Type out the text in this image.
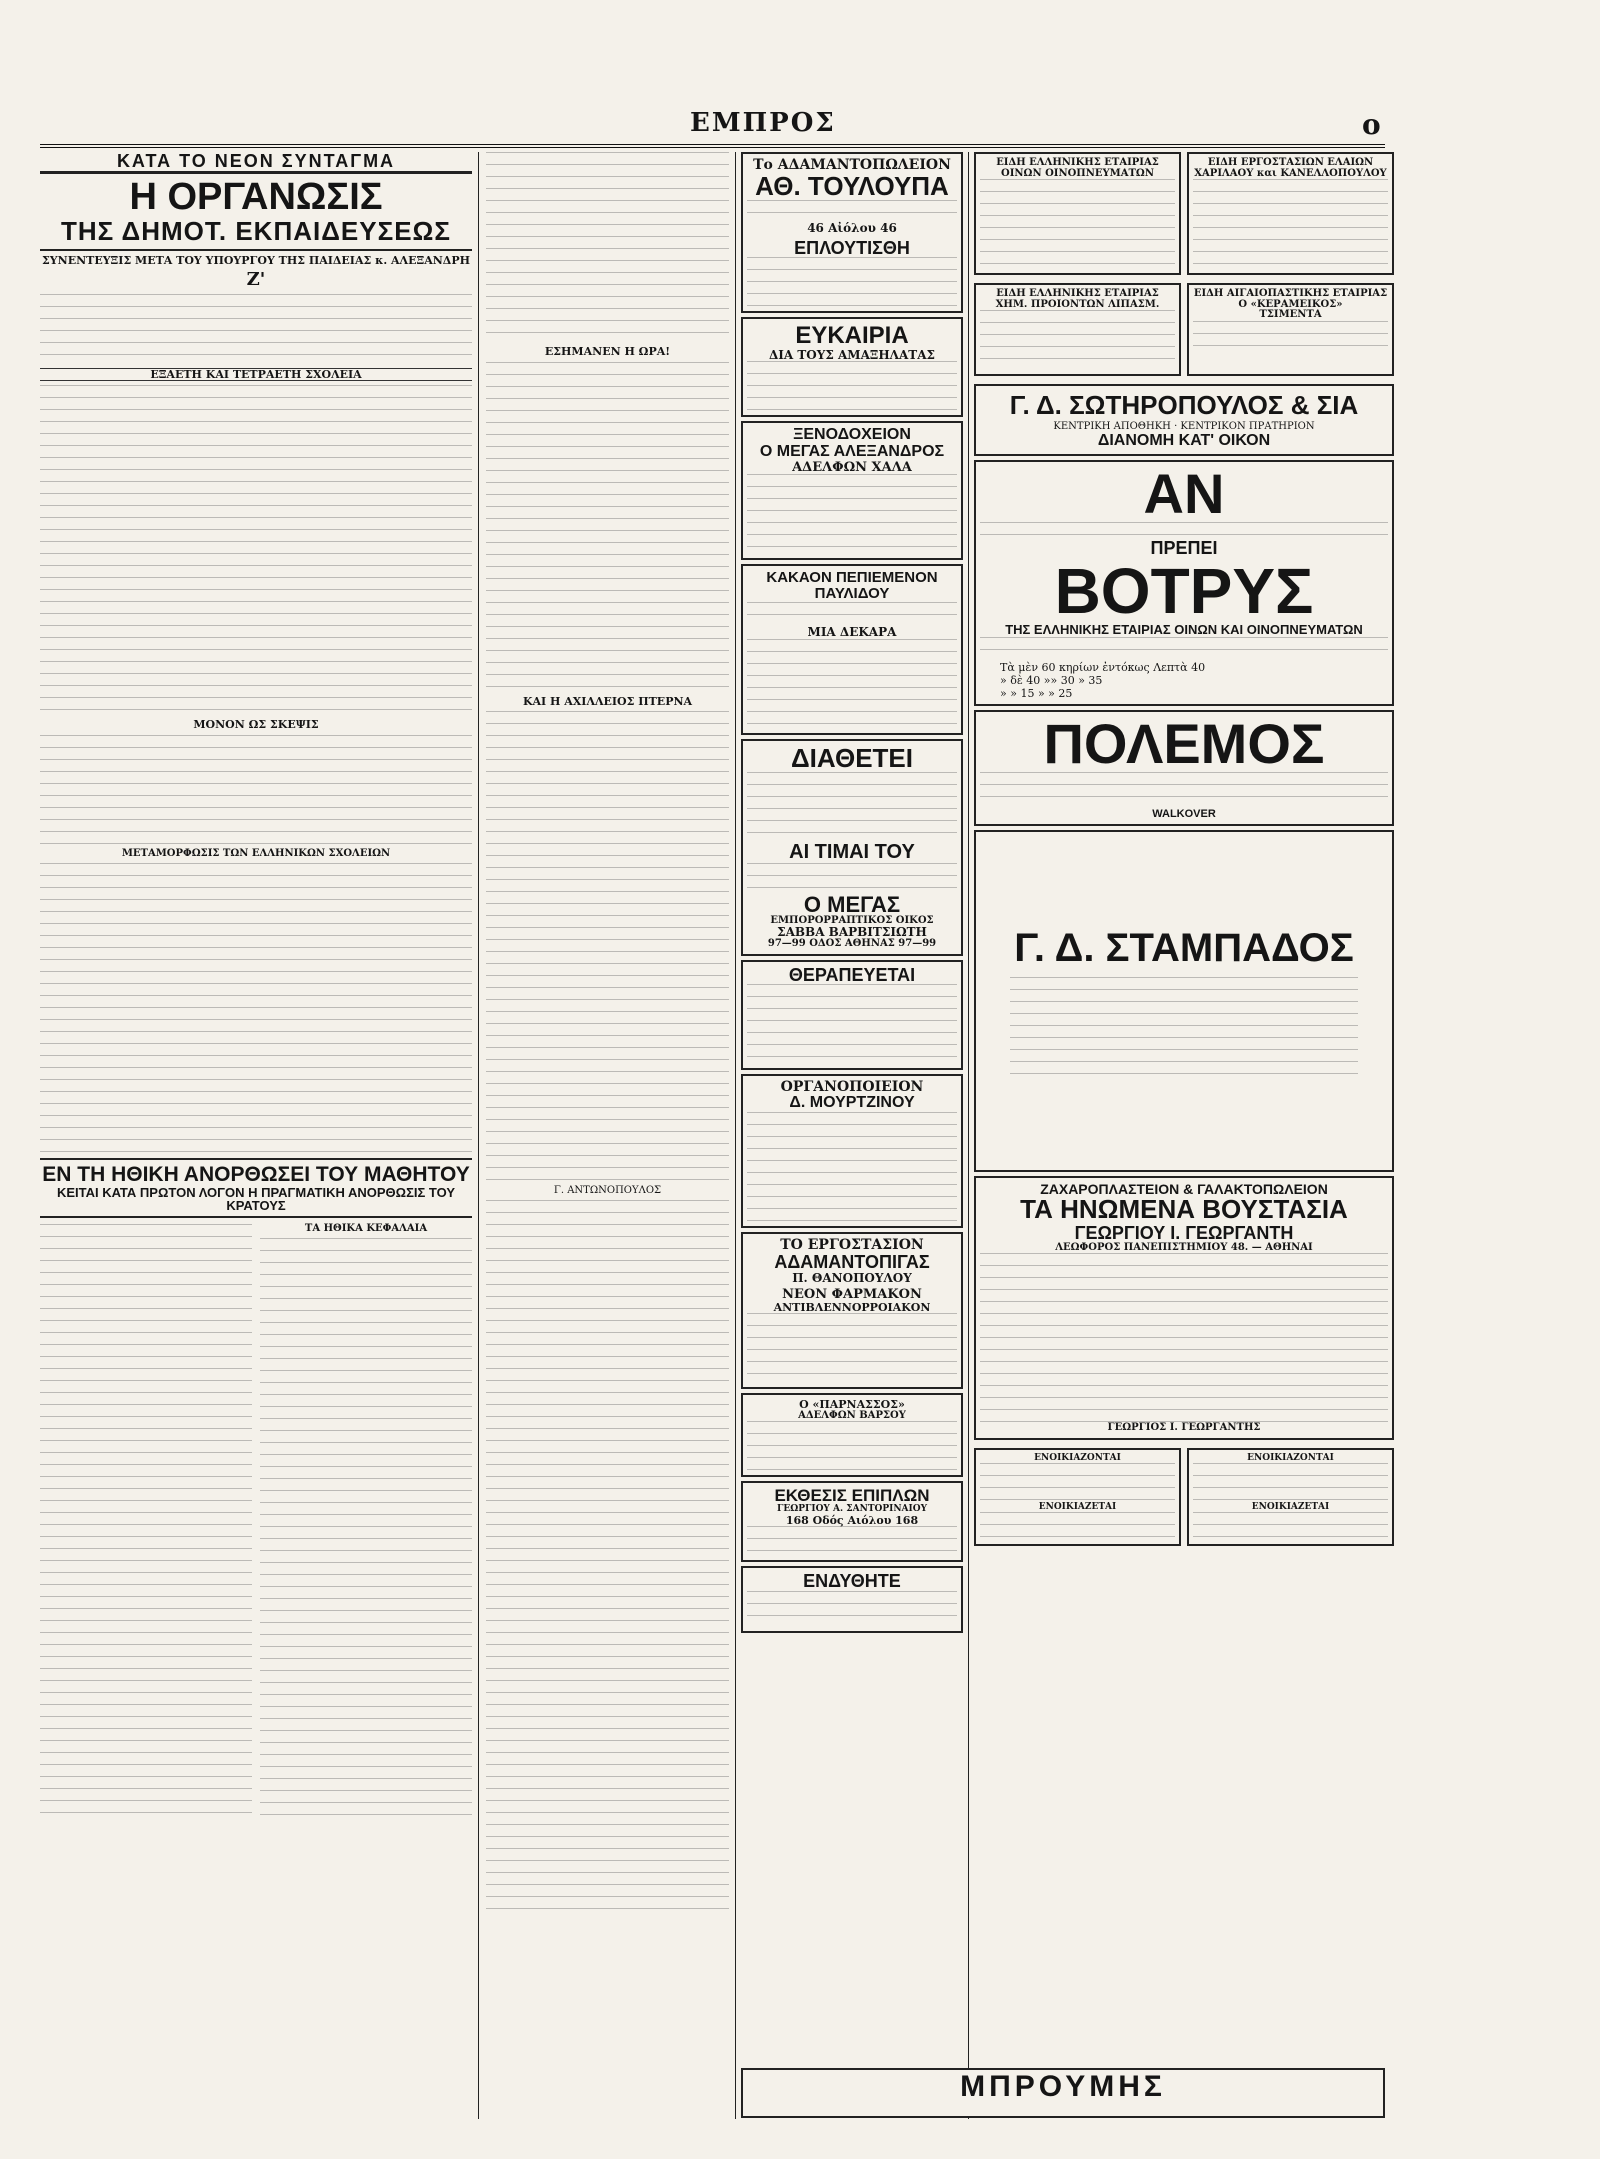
ΕΜΠΡΟΣ	ο
ΚΑΤΑ ΤΟ ΝΕΟΝ ΣΥΝΤΑΓΜΑ
Η ΟΡΓΑΝΩΣΙΣ
ΤΗΣ ΔΗΜΟΤ. ΕΚΠΑΙΔΕΥΣΕΩΣ
ΣΥΝΕΝΤΕΥΞΙΣ ΜΕΤΑ ΤΟΥ ΥΠΟΥΡΓΟΥ ΤΗΣ ΠΑΙΔΕΙΑΣ κ. ΑΛΕΞΑΝΔΡΗ
Ζ'
ΕΞΑΕΤΗ ΚΑΙ ΤΕΤΡΑΕΤΗ ΣΧΟΛΕΙΑ
ΜΟΝΟΝ ΩΣ ΣΚΕΨΙΣ
ΜΕΤΑΜΟΡΦΩΣΙΣ ΤΩΝ ΕΛΛΗΝΙΚΩΝ ΣΧΟΛΕΙΩΝ
ΕΝ ΤΗ ΗΘΙΚΗ ΑΝΟΡΘΩΣΕΙ ΤΟΥ ΜΑΘΗΤΟΥ
ΚΕΙΤΑΙ ΚΑΤΑ ΠΡΩΤΟΝ ΛΟΓΟΝ Η ΠΡΑΓΜΑΤΙΚΗ ΑΝΟΡΘΩΣΙΣ ΤΟΥ ΚΡΑΤΟΥΣ
ΤΑ ΗΘΙΚΑ ΚΕΦΑΛΑΙΑ
ΕΣΗΜΑΝΕΝ Η ΩΡΑ!
ΚΑΙ Η ΑΧΙΛΛΕΙΟΣ ΠΤΕΡΝΑ
Γ. ΑΝΤΩΝΟΠΟΥΛΟΣ
Το ΑΔΑΜΑΝΤΟΠΩΛΕΙΟΝ
ΑΘ. ΤΟΥΛΟΥΠΑ
46 Αἰόλου 46
ΕΠΛΟΥΤΙΣΘΗ
ΕΥΚΑΙΡΙΑ
ΔΙΑ ΤΟΥΣ ΑΜΑΞΗΛΑΤΑΣ
ΞΕΝΟΔΟΧΕΙΟΝ
Ο ΜΕΓΑΣ ΑΛΕΞΑΝΔΡΟΣ
ΑΔΕΛΦΩΝ ΧΑΛΑ
ΚΑΚΑΟΝ ΠΕΠΙΕΜΕΝΟΝ ΠΑΥΛΙΔΟΥ
ΜΙΑ ΔΕΚΑΡΑ
ΔΙΑΘΕΤΕΙ
ΑΙ ΤΙΜΑΙ ΤΟΥ
Ο ΜΕΓΑΣ
ΕΜΠΟΡΟΡΡΑΠΤΙΚΟΣ ΟΙΚΟΣ
ΣΑΒΒΑ ΒΑΡΒΙΤΣΙΩΤΗ
97—99 ΟΔΟΣ ΑΘΗΝΑΣ 97—99
ΘΕΡΑΠΕΥΕΤΑΙ
ΟΡΓΑΝΟΠΟΙΕΙΟΝ
Δ. ΜΟΥΡΤΖΙΝΟΥ
ΤΟ ΕΡΓΟΣΤΑΣΙΟΝ
ΑΔΑΜΑΝΤΟΠΙΓΑΣ
Π. ΘΑΝΟΠΟΥΛΟΥ
ΝΕΟΝ ΦΑΡΜΑΚΟΝ
ΑΝΤΙΒΛΕΝΝΟΡΡΟΙΑΚΟΝ
Ο «ΠΑΡΝΑΣΣΟΣ»
ΑΔΕΛΦΩΝ ΒΑΡΣΟΥ
ΕΚΘΕΣΙΣ ΕΠΙΠΛΩΝ
ΓΕΩΡΓΙΟΥ Α. ΣΑΝΤΟΡΙΝΑΙΟΥ
168 Οδός Αιόλου 168
ΕΝΔΥΘΗΤΕ
ΜΠΡΟΥΜΗΣ
ΕΙΔΗ ΕΛΛΗΝΙΚΗΣ ΕΤΑΙΡΙΑΣ ΟΙΝΩΝ ΟΙΝΟΠΝΕΥΜΑΤΩΝ
ΕΙΔΗ ΕΡΓΟΣΤΑΣΙΩΝ ΕΛΑΙΩΝ ΧΑΡΙΛΑΟΥ και ΚΑΝΕΛΛΟΠΟΥΛΟΥ
ΕΙΔΗ ΕΛΛΗΝΙΚΗΣ ΕΤΑΙΡΙΑΣ ΧΗΜ. ΠΡΟΙΟΝΤΩΝ ΛΙΠΑΣΜ.
ΕΙΔΗ ΑΙΓΑΙΟΠΑΣΤΙΚΗΣ ΕΤΑΙΡΙΑΣ Ο «ΚΕΡΑΜΕΙΚΟΣ»
ΤΣΙΜΕΝΤΑ
Γ. Δ. ΣΩΤΗΡΟΠΟΥΛΟΣ & ΣΙΑ
ΚΕΝΤΡΙΚΗ ΑΠΟΘΗΚΗ · ΚΕΝΤΡΙΚΟΝ ΠΡΑΤΗΡΙΟΝ
ΔΙΑΝΟΜΗ ΚΑΤ' ΟΙΚΟΝ
ΑΝ
ΠΡΕΠΕΙ
ΒΟΤΡΥΣ
ΤΗΣ ΕΛΛΗΝΙΚΗΣ ΕΤΑΙΡΙΑΣ ΟΙΝΩΝ ΚΑΙ ΟΙΝΟΠΝΕΥΜΑΤΩΝ
Τὰ μὲν 60 κηρίων ἐντόκως Λεπτὰ 40
» δὲ 40 »» 30 » 35
» » 15 » » 25
ΠΟΛΕΜΟΣ
WALKOVER
Γ. Δ. ΣΤΑΜΠΑΔΟΣ
ΖΑΧΑΡΟΠΛΑΣΤΕΙΟΝ & ΓΑΛΑΚΤΟΠΩΛΕΙΟΝ
ΤΑ ΗΝΩΜΕΝΑ ΒΟΥΣΤΑΣΙΑ
ΓΕΩΡΓΙΟΥ Ι. ΓΕΩΡΓΑΝΤΗ
ΛΕΩΦΟΡΟΣ ΠΑΝΕΠΙΣΤΗΜΙΟΥ 48. — ΑΘΗΝΑΙ
ΓΕΩΡΓΙΟΣ Ι. ΓΕΩΡΓΑΝΤΗΣ
ΕΝΟΙΚΙΑΖΟΝΤΑΙ
ΕΝΟΙΚΙΑΖΕΤΑΙ
ΕΝΟΙΚΙΑΖΟΝΤΑΙ
ΕΝΟΙΚΙΑΖΕΤΑΙ
